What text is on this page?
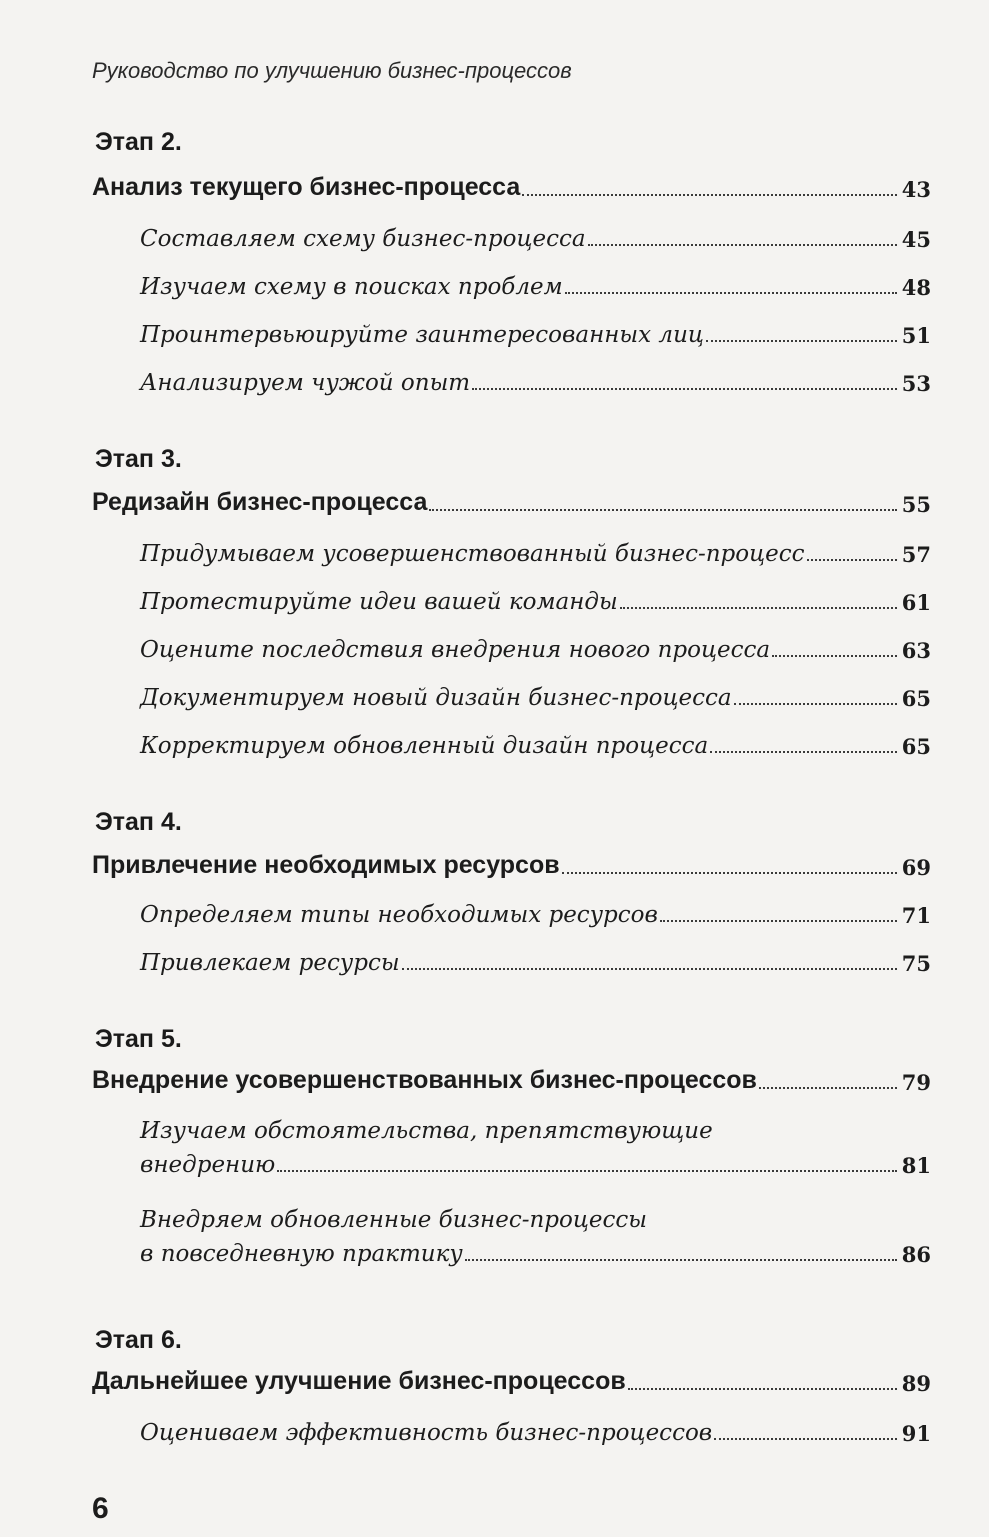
Руководство по улучшению бизнес-процессов
Этап 2.
Анализ текущего бизнес-процесса	43
Составляем схему бизнес-процесса	45
Изучаем схему в поисках проблем	48
Проинтервьюируйте заинтересованных лиц	51
Анализируем чужой опыт	53
Этап 3.
Редизайн бизнес-процесса	55
Придумываем усовершенствованный бизнес-процесс	57
Протестируйте идеи вашей команды	61
Оцените последствия внедрения нового процесса	63
Документируем новый дизайн бизнес-процесса	65
Корректируем обновленный дизайн процесса	65
Этап 4.
Привлечение необходимых ресурсов	69
Определяем типы необходимых ресурсов	71
Привлекаем ресурсы	75
Этап 5.
Внедрение усовершенствованных бизнес-процессов	79
Изучаем обстоятельства, препятствующие
внедрению	81
Внедряем обновленные бизнес-процессы
в повседневную практику	86
Этап 6.
Дальнейшее улучшение бизнес-процессов	89
Оцениваем эффективность бизнес-процессов	91
6
